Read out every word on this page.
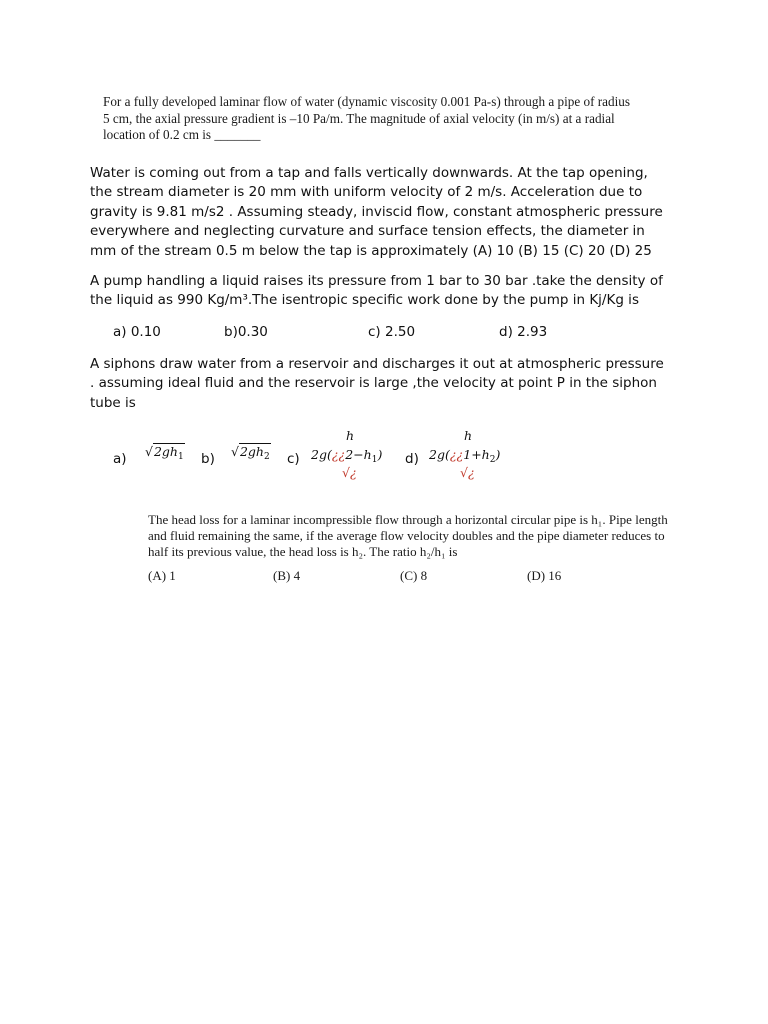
For a fully developed laminar flow of water (dynamic viscosity 0.001 Pa-s) through a pipe of radius
5 cm, the axial pressure gradient is –10 Pa/m. The magnitude of axial velocity (in m/s) at a radial
location of 0.2 cm is _______
Water is coming out from a tap and falls vertically downwards. At the tap opening,
the stream diameter is 20 mm with uniform velocity of 2 m/s. Acceleration due to
gravity is 9.81 m/s2 . Assuming steady, inviscid flow, constant atmospheric pressure
everywhere and neglecting curvature and surface tension effects, the diameter in
mm of the stream 0.5 m below the tap is approximately (A) 10 (B) 15 (C) 20 (D) 25
A pump handling a liquid raises its pressure from 1 bar to 30 bar .take the density of
the liquid as 990 Kg/m³.The isentropic specific work done by the pump in Kj/Kg is
a) 0.10	b)0.30	c) 2.50	d) 2.93
A siphons draw water from a reservoir and discharges it out at atmospheric pressure
. assuming ideal fluid and the reservoir is large ,the velocity at point P in the siphon
tube is
a) $√2gh_1$ b) $√2gh_2$ c)
h
$2g(¿¿2-h_1)$
√¿
d)
h
$2g(¿¿1+h_2)$
√¿
The head loss for a laminar incompressible flow through a horizontal circular pipe is h₁. Pipe length
and fluid remaining the same, if the average flow velocity doubles and the pipe diameter reduces to
half its previous value, the head loss is h₂. The ratio h₂/h₁ is
(A) 1	(B) 4	(C) 8	(D) 16
